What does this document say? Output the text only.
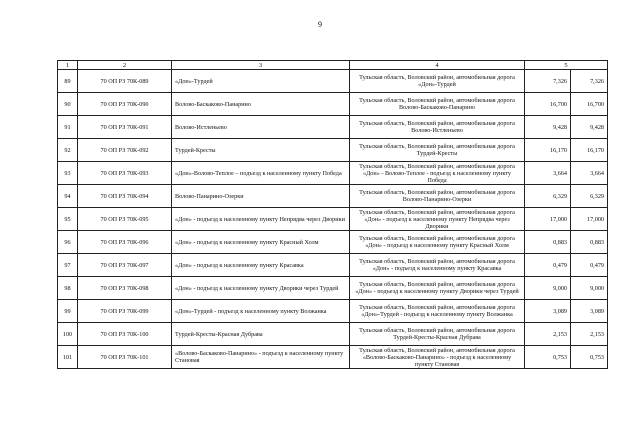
9
1	2	3	4	5	
89	70 ОП РЗ 70К-089	«Дон»-Турдей	Тульская область, Воловский район, автомобильная дорога «Дон»-Турдей	7,326	7,326
90	70 ОП РЗ 70К-090	Волово-Баскаково-Панарино	Тульская область, Воловский район, автомобильная дорога Волово-Баскаково-Панарино	16,700	16,700
91	70 ОП РЗ 70К-091	Волово-Истленьево	Тульская область, Воловский район, автомобильная дорога Волово-Истленьево	9,428	9,428
92	70 ОП РЗ 70К-092	Турдей-Кресты	Тульская область, Воловский район, автомобильная дорога Турдей-Кресты	16,170	16,170
93	70 ОП РЗ 70К-093	«Дон»-Волово-Теплое – подъезд к населенному пункту Победа	Тульская область, Воловский район, автомобильная дорога «Дон» - Волово-Теплое - подъезд к населенному пункту Победа	3,664	3,664
94	70 ОП РЗ 70К-094	Волово-Панарино-Озерки	Тульская область, Воловский район, автомобильная дорога Волово-Панарино-Озерки	6,329	6,329
95	70 ОП РЗ 70К-095	«Дон» - подъезд к населенному пункту Непрядва через Дворики	Тульская область, Воловский район, автомобильная дорога «Дон» - подъезд к населенному пункту Непрядва через Дворики	17,000	17,000
96	70 ОП РЗ 70К-096	«Дон» - подъезд к населенному пункту Красный Холм	Тульская область, Воловский район, автомобильная дорога «Дон» - подъезд к населенному пункту Красный Холм	0,883	0,883
97	70 ОП РЗ 70К-097	«Дон» - подъезд к населенному пункту Красавка	Тульская область, Воловский район, автомобильная дорога «Дон» - подъезд к населенному пункту Красавка	0,479	0,479
98	70 ОП РЗ 70К-098	«Дон» - подъезд к населенному пункту Дворики через Турдей	Тульская область, Воловский район, автомобильная дорога «Дон» - подъезд к населенному пункту Дворики через Турдей	9,000	9,000
99	70 ОП РЗ 70К-099	«Дон»-Турдей - подъезд к населенному пункту Волжанка	Тульская область, Воловский район, автомобильная дорога «Дон»-Турдей - подъезд к населенному пункту Волжанка	3,089	3,089
100	70 ОП РЗ 70К-100	Турдей-Кресты-Красная Дубрава	Тульская область, Воловский район, автомобильная дорога Турдей-Кресты-Красная Дубрава	2,153	2,153
101	70 ОП РЗ 70К-101	«Волово-Баскаково-Панарино» - подъезд к населенному пункту Становая	Тульская область, Воловский район, автомобильная дорога «Волово-Баскаково-Панарино» - подъезд к населенному пункту Становая	0,753	0,753
